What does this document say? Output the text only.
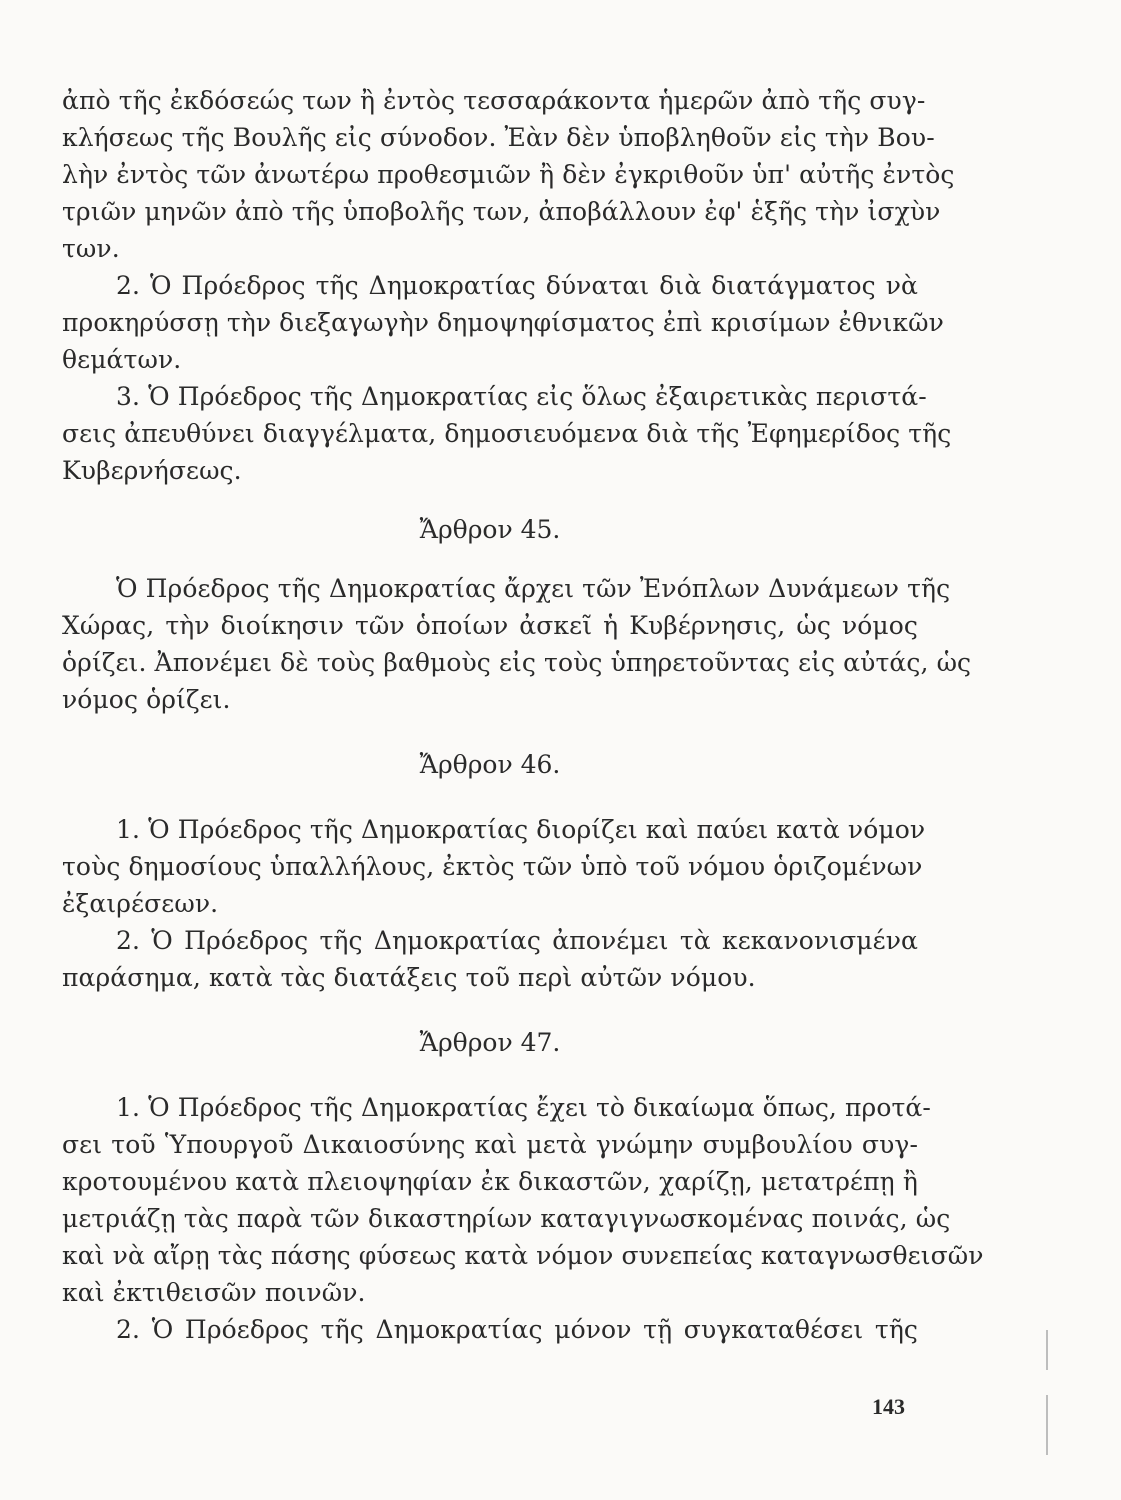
ἀπὸ τῆς ἐκδόσεώς των ἢ ἐντὸς τεσσαράκοντα ἡμερῶν ἀπὸ τῆς συγ-
κλήσεως τῆς Βουλῆς εἰς σύνοδον. Ἐὰν δὲν ὑποβληθοῦν εἰς τὴν Βου-
λὴν ἐντὸς τῶν ἀνωτέρω προθεσμιῶν ἢ δὲν ἐγκριθοῦν ὑπ' αὐτῆς ἐντὸς
τριῶν μηνῶν ἀπὸ τῆς ὑποβολῆς των, ἀποβάλλουν ἐφ' ἑξῆς τὴν ἰσχὺν
των.
2. Ὁ Πρόεδρος τῆς Δημοκρατίας δύναται διὰ διατάγματος νὰ
προκηρύσσῃ τὴν διεξαγωγὴν δημοψηφίσματος ἐπὶ κρισίμων ἐθνικῶν
θεμάτων.
3. Ὁ Πρόεδρος τῆς Δημοκρατίας εἰς ὅλως ἐξαιρετικὰς περιστά-
σεις ἀπευθύνει διαγγέλματα, δημοσιευόμενα διὰ τῆς Ἐφημερίδος τῆς
Κυβερνήσεως.
Ἄρθρον 45.
Ὁ Πρόεδρος τῆς Δημοκρατίας ἄρχει τῶν Ἐνόπλων Δυνάμεων τῆς
Χώρας, τὴν διοίκησιν τῶν ὁποίων ἀσκεῖ ἡ Κυβέρνησις, ὡς νόμος
ὁρίζει. Ἀπονέμει δὲ τοὺς βαθμοὺς εἰς τοὺς ὑπηρετοῦντας εἰς αὐτάς, ὡς
νόμος ὁρίζει.
Ἄρθρον 46.
1. Ὁ Πρόεδρος τῆς Δημοκρατίας διορίζει καὶ παύει κατὰ νόμον
τοὺς δημοσίους ὑπαλλήλους, ἐκτὸς τῶν ὑπὸ τοῦ νόμου ὁριζομένων
ἐξαιρέσεων.
2. Ὁ Πρόεδρος τῆς Δημοκρατίας ἀπονέμει τὰ κεκανονισμένα
παράσημα, κατὰ τὰς διατάξεις τοῦ περὶ αὐτῶν νόμου.
Ἄρθρον 47.
1. Ὁ Πρόεδρος τῆς Δημοκρατίας ἔχει τὸ δικαίωμα ὅπως, προτά-
σει τοῦ Ὑπουργοῦ Δικαιοσύνης καὶ μετὰ γνώμην συμβουλίου συγ-
κροτουμένου κατὰ πλειοψηφίαν ἐκ δικαστῶν, χαρίζῃ, μετατρέπῃ ἢ
μετριάζῃ τὰς παρὰ τῶν δικαστηρίων καταγιγνωσκομένας ποινάς, ὡς
καὶ νὰ αἴρῃ τὰς πάσης φύσεως κατὰ νόμον συνεπείας καταγνωσθεισῶν
καὶ ἐκτιθεισῶν ποινῶν.
2. Ὁ Πρόεδρος τῆς Δημοκρατίας μόνον τῇ συγκαταθέσει τῆς
143
